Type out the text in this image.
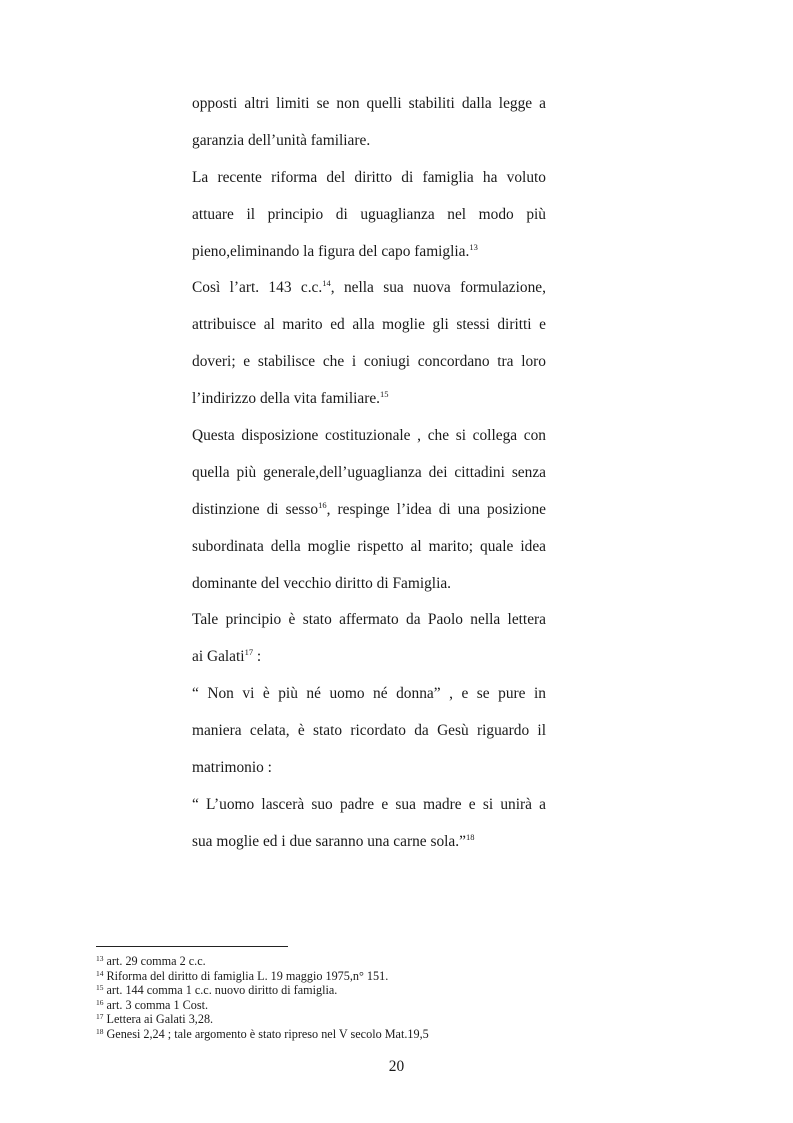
opposti altri limiti se non quelli stabiliti dalla legge a
garanzia dell’unità familiare.
La recente riforma del diritto di famiglia ha voluto
attuare il principio di uguaglianza nel modo più
pieno,eliminando la figura del capo famiglia.$^{13}$
Così l’art. 143 c.c.$^{14}$, nella sua nuova formulazione,
attribuisce al marito ed alla moglie gli stessi diritti e
doveri; e stabilisce che i coniugi concordano tra loro
l’indirizzo della vita familiare.$^{15}$
Questa disposizione costituzionale , che si collega con
quella più generale,dell’uguaglianza dei cittadini senza
distinzione di sesso$^{16}$, respinge l’idea di una posizione
subordinata della moglie rispetto al marito; quale idea
dominante del vecchio diritto di Famiglia.
Tale principio è stato affermato da Paolo nella lettera
ai Galati$^{17}$ :
“ Non vi è più né uomo né donna” , e se pure in
maniera celata, è stato ricordato da Gesù riguardo il
matrimonio :
“ L’uomo lascerà suo padre e sua madre e si unirà a
sua moglie ed i due saranno una carne sola.”$^{18}$
$^{13}$ art. 29 comma 2 c.c.
$^{14}$ Riforma del diritto di famiglia L. 19 maggio 1975,n° 151.
$^{15}$ art. 144 comma 1 c.c. nuovo diritto di famiglia.
$^{16}$ art. 3 comma 1 Cost.
$^{17}$ Lettera ai Galati 3,28.
$^{18}$ Genesi 2,24 ; tale argomento è stato ripreso nel V secolo Mat.19,5
20
